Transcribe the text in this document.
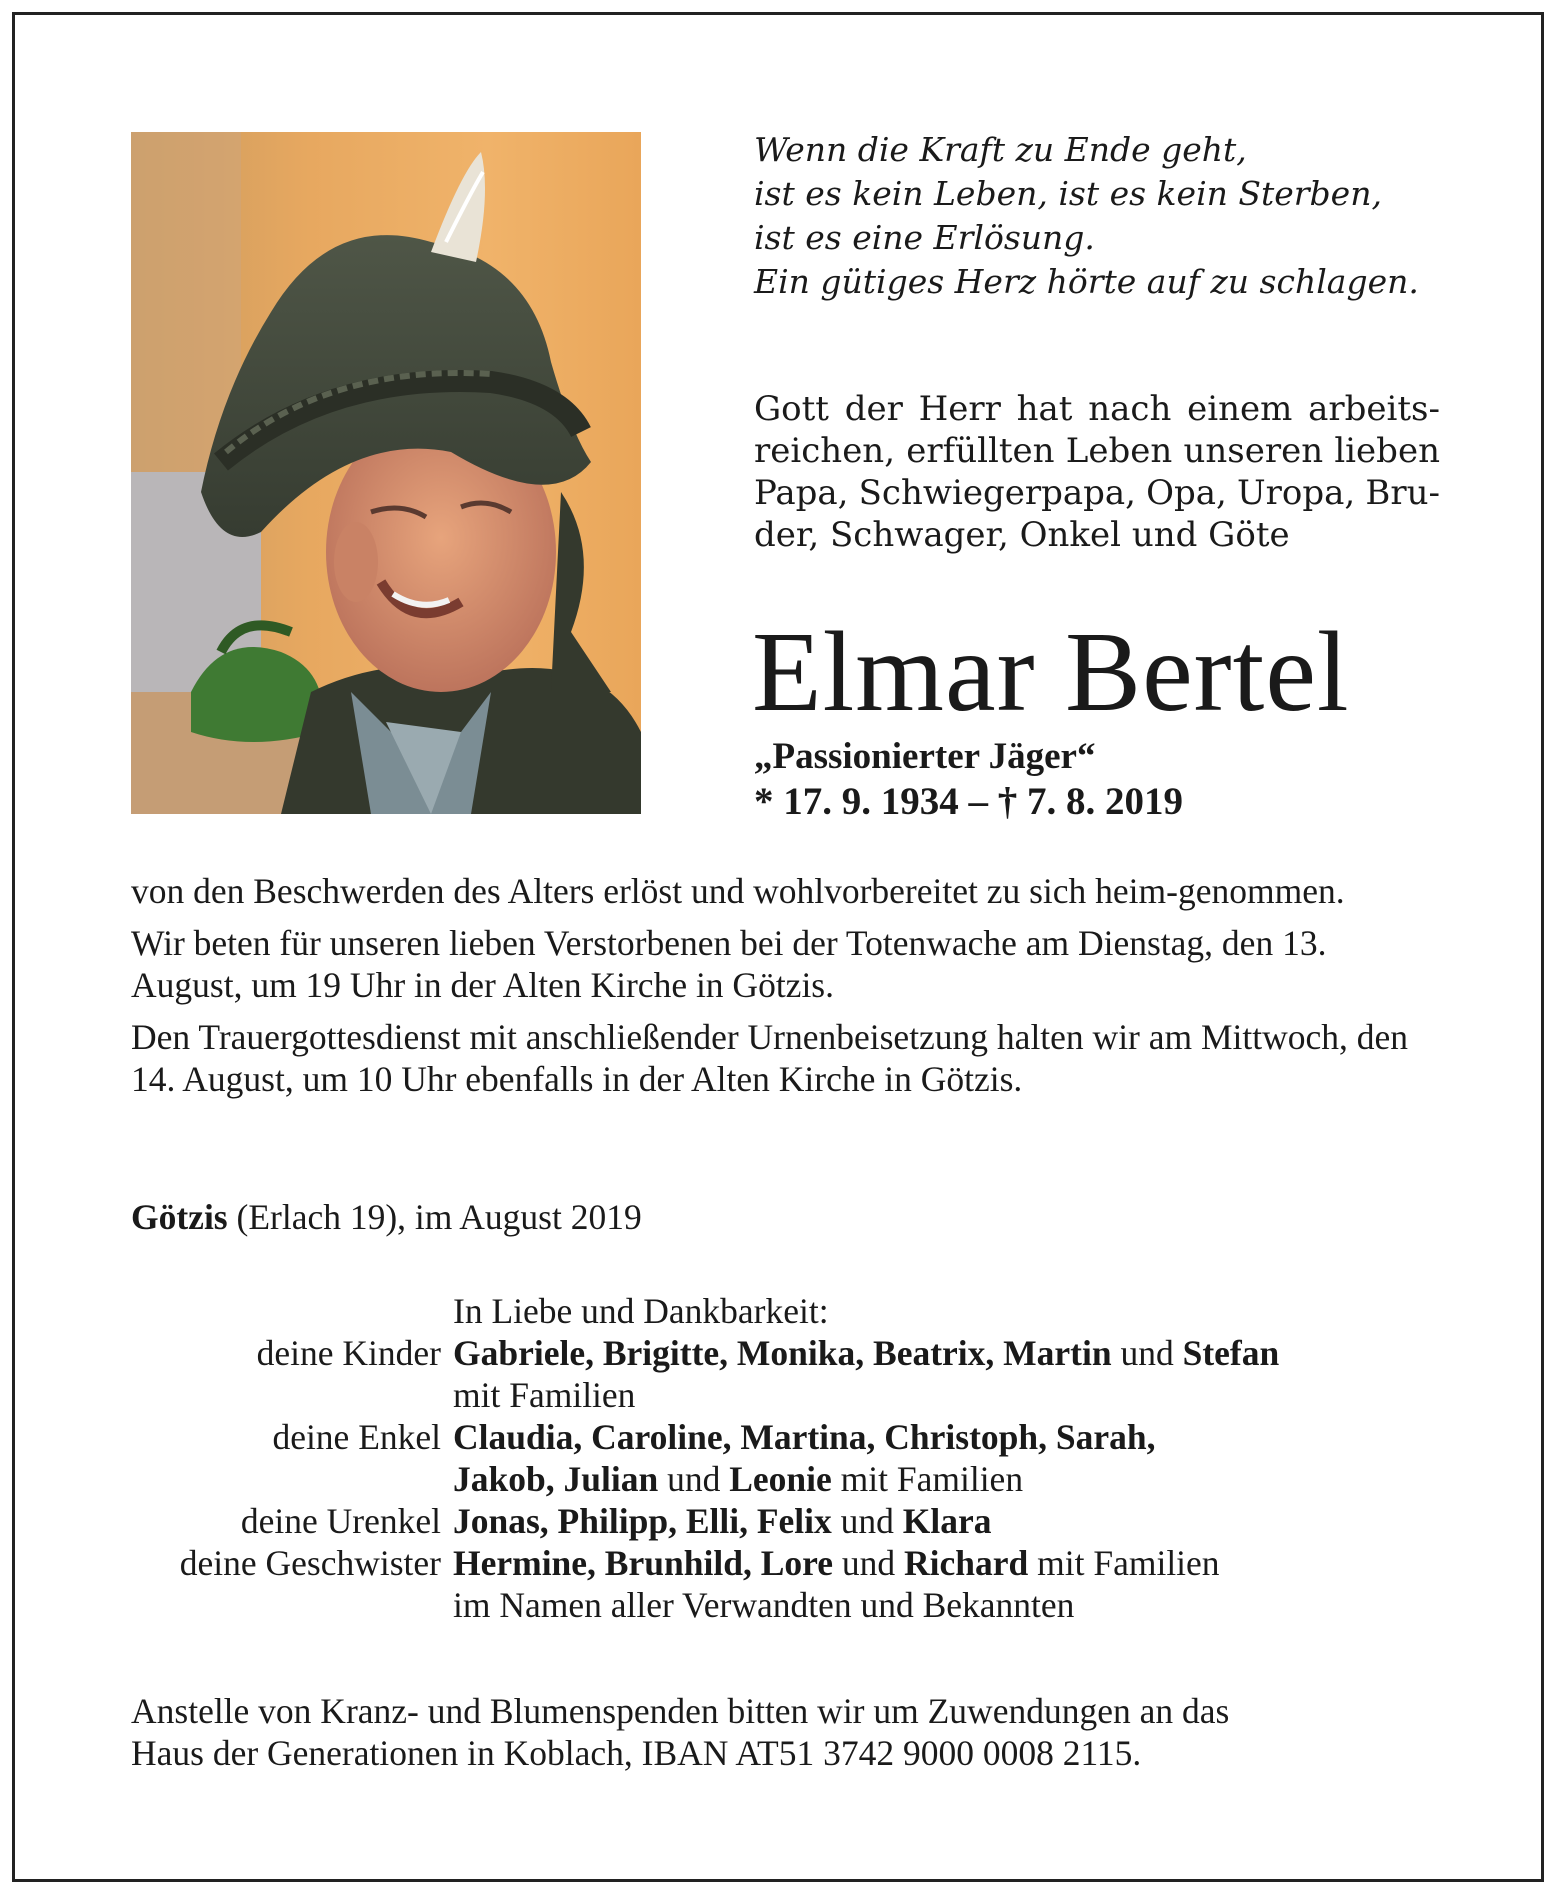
Wenn die Kraft zu Ende geht,
ist es kein Leben, ist es kein Sterben,
ist es eine Erlösung.
Ein gütiges Herz hörte auf zu schlagen.
Gott der Herr hat nach einem arbeits-
reichen, erfüllten Leben unseren lieben
Papa, Schwiegerpapa, Opa, Uropa, Bru-
der, Schwager, Onkel und Göte
Elmar Bertel
„Passionierter Jäger“
* 17. 9. 1934 – † 7. 8. 2019

von den Beschwerden des Alters erlöst und wohlvorbereitet zu sich heim-genommen.

Wir beten für unseren lieben Verstorbenen bei der Totenwache am Dienstag, den 13. August, um 19 Uhr in der Alten Kirche in Götzis.

Den Trauergottesdienst mit anschließender Urnenbeisetzung halten wir am Mittwoch, den 14. August, um 10 Uhr ebenfalls in der Alten Kirche in Götzis.

Götzis (Erlach 19), im August 2019
In Liebe und Dankbarkeit:
deine Kinder Gabriele, Brigitte, Monika, Beatrix, Martin und Stefan
mit Familien
deine Enkel Claudia, Caroline, Martina, Christoph, Sarah,
Jakob, Julian und Leonie mit Familien
deine Urenkel Jonas, Philipp, Elli, Felix und Klara
deine Geschwister Hermine, Brunhild, Lore und Richard mit Familien
im Namen aller Verwandten und Bekannten
Anstelle von Kranz- und Blumenspenden bitten wir um Zuwendungen an das
Haus der Generationen in Koblach, IBAN AT51 3742 9000 0008 2115.
